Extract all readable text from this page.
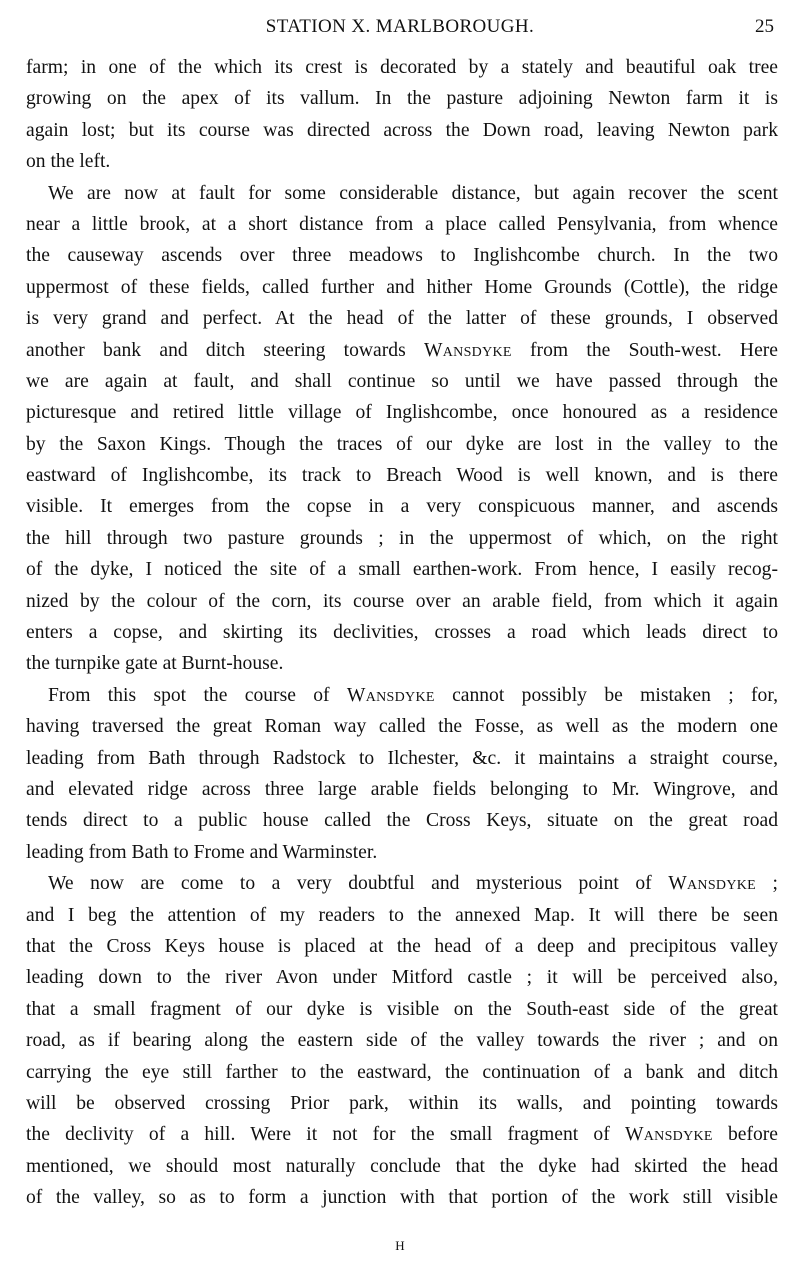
STATION X. MARLBOROUGH.	25
farm; in one of the which its crest is decorated by a stately and beautiful oak tree
growing on the apex of its vallum. In the pasture adjoining Newton farm it is
again lost; but its course was directed across the Down road, leaving Newton park
on the left.
We are now at fault for some considerable distance, but again recover the scent
near a little brook, at a short distance from a place called Pensylvania, from whence
the causeway ascends over three meadows to Inglishcombe church. In the two
uppermost of these fields, called further and hither Home Grounds (Cottle), the ridge
is very grand and perfect. At the head of the latter of these grounds, I observed
another bank and ditch steering towards Wansdyke from the South-west. Here
we are again at fault, and shall continue so until we have passed through the
picturesque and retired little village of Inglishcombe, once honoured as a residence
by the Saxon Kings. Though the traces of our dyke are lost in the valley to the
eastward of Inglishcombe, its track to Breach Wood is well known, and is there
visible. It emerges from the copse in a very conspicuous manner, and ascends
the hill through two pasture grounds ; in the uppermost of which, on the right
of the dyke, I noticed the site of a small earthen-work. From hence, I easily recog-
nized by the colour of the corn, its course over an arable field, from which it again
enters a copse, and skirting its declivities, crosses a road which leads direct to
the turnpike gate at Burnt-house.
From this spot the course of Wansdyke cannot possibly be mistaken ; for,
having traversed the great Roman way called the Fosse, as well as the modern one
leading from Bath through Radstock to Ilchester, &c. it maintains a straight course,
and elevated ridge across three large arable fields belonging to Mr. Wingrove, and
tends direct to a public house called the Cross Keys, situate on the great road
leading from Bath to Frome and Warminster.
We now are come to a very doubtful and mysterious point of Wansdyke ;
and I beg the attention of my readers to the annexed Map. It will there be seen
that the Cross Keys house is placed at the head of a deep and precipitous valley
leading down to the river Avon under Mitford castle ; it will be perceived also,
that a small fragment of our dyke is visible on the South-east side of the great
road, as if bearing along the eastern side of the valley towards the river ; and on
carrying the eye still farther to the eastward, the continuation of a bank and ditch
will be observed crossing Prior park, within its walls, and pointing towards
the declivity of a hill. Were it not for the small fragment of Wansdyke before
mentioned, we should most naturally conclude that the dyke had skirted the head
of the valley, so as to form a junction with that portion of the work still visible
H
